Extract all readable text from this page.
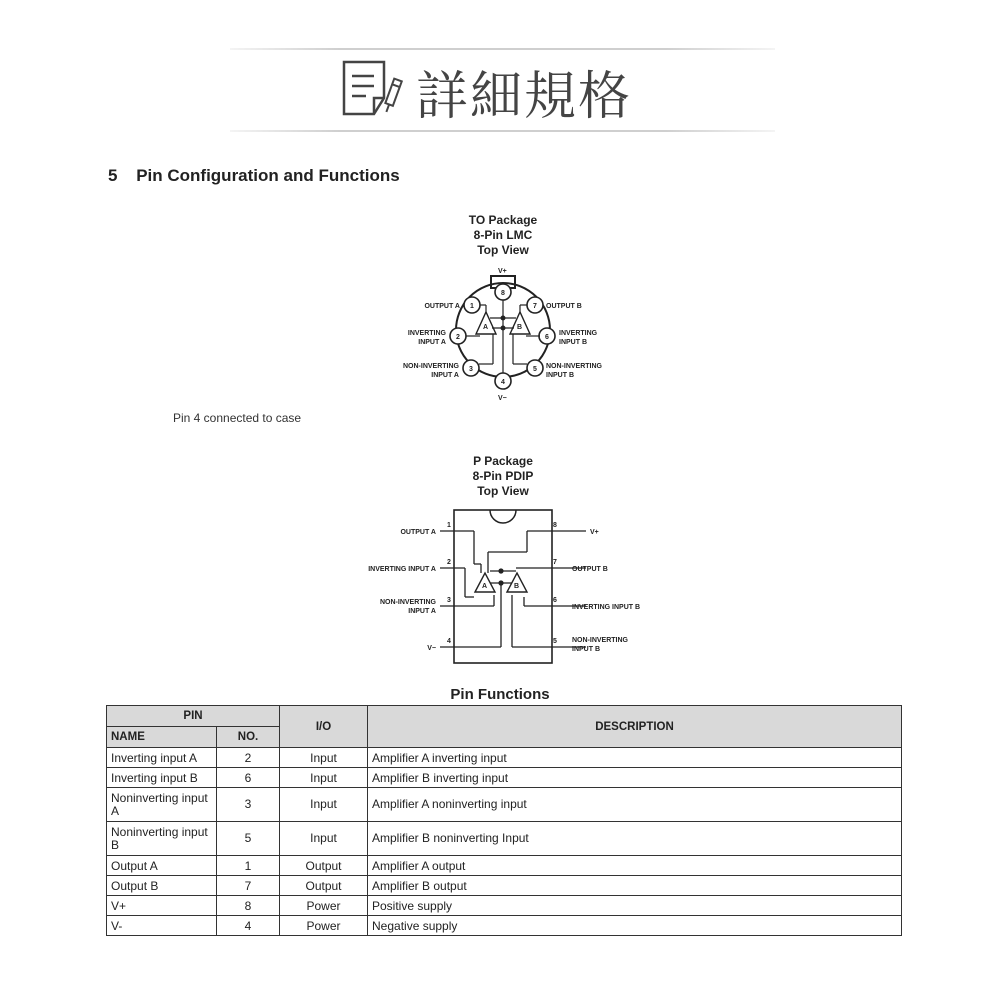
詳細規格
5 Pin Configuration and Functions
TO Package
8-Pin LMC
Top View
V+
V−
8
1
2
3
4
5
6
7
A	B
OUTPUT A
INVERTING
INPUT A
NON-INVERTING
INPUT A
OUTPUT B
INVERTING
INPUT B
NON-INVERTING
INPUT B
Pin 4 connected to case
P Package
8-Pin PDIP
Top View
A	B
1
2
3
4	5
6
7
8
OUTPUT A
INVERTING INPUT A
NON-INVERTING
INPUT A
V−
V+
OUTPUT B
INVERTING INPUT B
NON-INVERTING
INPUT B
Pin Functions
PIN		I/O	DESCRIPTION
NAME	NO.		
Inverting input A	2	Input	Amplifier A inverting input
Inverting input B	6	Input	Amplifier B inverting input
Noninverting input A	3	Input	Amplifier A noninverting input
Noninverting input B	5	Input	Amplifier B noninverting Input
Output A	1	Output	Amplifier A output
Output B	7	Output	Amplifier B output
V+	8	Power	Positive supply
V-	4	Power	Negative supply
